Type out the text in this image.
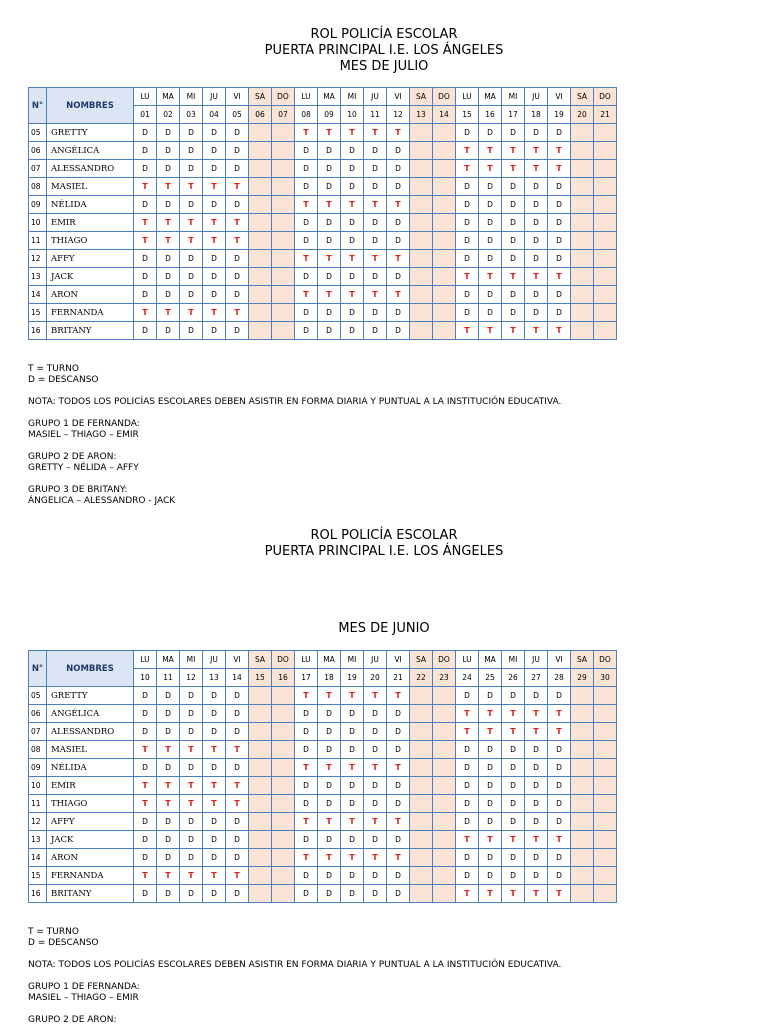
ROL POLICÍA ESCOLAR
PUERTA PRINCIPAL I.E. LOS ÁNGELES
MES DE JULIO
N°	NOMBRES	LU	MA	MI	JU	VI	SA	DO	LU	MA	MI	JU	VI	SA	DO	LU	MA	MI	JU	VI	SA	DO
		01	02	03	04	05	06	07	08	09	10	11	12	13	14	15	16	17	18	19	20	21
05	GRETTY	D	D	D	D	D			T	T	T	T	T			D	D	D	D	D		
06	ANGÉLICA	D	D	D	D	D			D	D	D	D	D			T	T	T	T	T		
07	ALESSANDRO	D	D	D	D	D			D	D	D	D	D			T	T	T	T	T		
08	MASIEL	T	T	T	T	T			D	D	D	D	D			D	D	D	D	D		
09	NÉLIDA	D	D	D	D	D			T	T	T	T	T			D	D	D	D	D		
10	EMIR	T	T	T	T	T			D	D	D	D	D			D	D	D	D	D		
11	THIAGO	T	T	T	T	T			D	D	D	D	D			D	D	D	D	D		
12	AFFY	D	D	D	D	D			T	T	T	T	T			D	D	D	D	D		
13	JACK	D	D	D	D	D			D	D	D	D	D			T	T	T	T	T		
14	ARON	D	D	D	D	D			T	T	T	T	T			D	D	D	D	D		
15	FERNANDA	T	T	T	T	T			D	D	D	D	D			D	D	D	D	D		
16	BRITANY	D	D	D	D	D			D	D	D	D	D			T	T	T	T	T		
T = TURNO
D = DESCANSO
NOTA: TODOS LOS POLICÍAS ESCOLARES DEBEN ASISTIR EN FORMA DIARIA Y PUNTUAL A LA INSTITUCIÓN EDUCATIVA.
GRUPO 1 DE FERNANDA:
MASIEL – THIAGO – EMIR
GRUPO 2 DE ARON:
GRETTY – NÉLIDA – AFFY
GRUPO 3 DE BRITANY:
ÁNGELICA – ALESSANDRO - JACK
ROL POLICÍA ESCOLAR
PUERTA PRINCIPAL I.E. LOS ÁNGELES
MES DE JUNIO
N°	NOMBRES	LU	MA	MI	JU	VI	SA	DO	LU	MA	MI	JU	VI	SA	DO	LU	MA	MI	JU	VI	SA	DO
		10	11	12	13	14	15	16	17	18	19	20	21	22	23	24	25	26	27	28	29	30
05	GRETTY	D	D	D	D	D			T	T	T	T	T			D	D	D	D	D		
06	ANGÉLICA	D	D	D	D	D			D	D	D	D	D			T	T	T	T	T		
07	ALESSANDRO	D	D	D	D	D			D	D	D	D	D			T	T	T	T	T		
08	MASIEL	T	T	T	T	T			D	D	D	D	D			D	D	D	D	D		
09	NÉLIDA	D	D	D	D	D			T	T	T	T	T			D	D	D	D	D		
10	EMIR	T	T	T	T	T			D	D	D	D	D			D	D	D	D	D		
11	THIAGO	T	T	T	T	T			D	D	D	D	D			D	D	D	D	D		
12	AFFY	D	D	D	D	D			T	T	T	T	T			D	D	D	D	D		
13	JACK	D	D	D	D	D			D	D	D	D	D			T	T	T	T	T		
14	ARON	D	D	D	D	D			T	T	T	T	T			D	D	D	D	D		
15	FERNANDA	T	T	T	T	T			D	D	D	D	D			D	D	D	D	D		
16	BRITANY	D	D	D	D	D			D	D	D	D	D			T	T	T	T	T		
T = TURNO
D = DESCANSO
NOTA: TODOS LOS POLICÍAS ESCOLARES DEBEN ASISTIR EN FORMA DIARIA Y PUNTUAL A LA INSTITUCIÓN EDUCATIVA.
GRUPO 1 DE FERNANDA:
MASIEL – THIAGO – EMIR
GRUPO 2 DE ARON:
